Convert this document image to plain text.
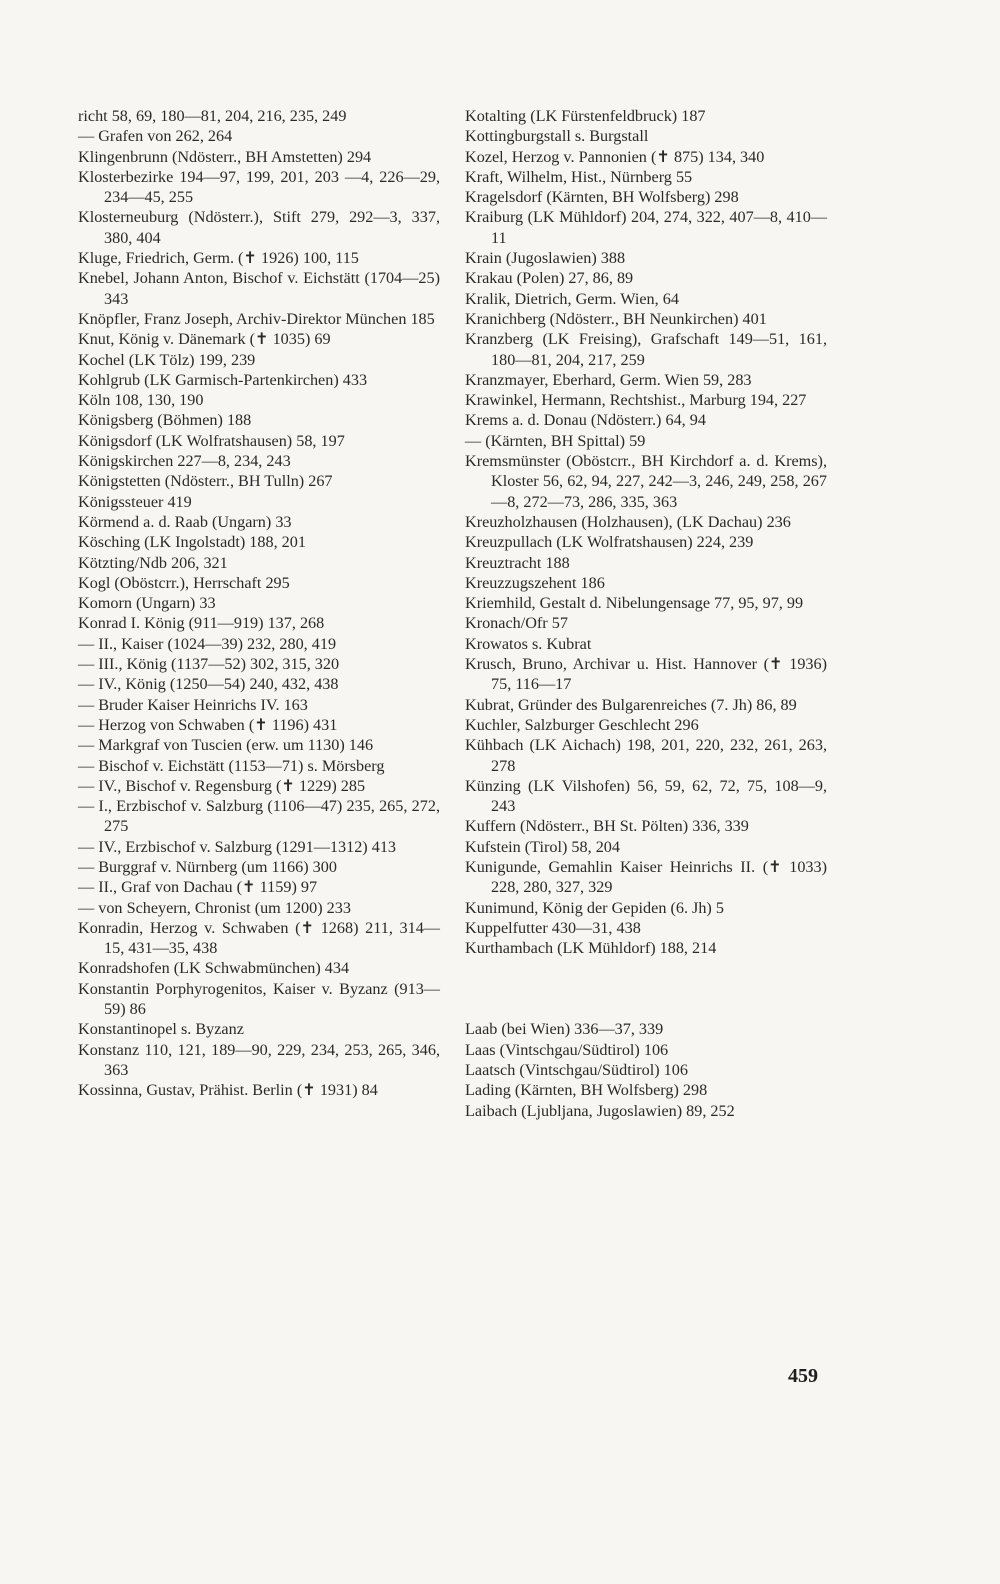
richt 58, 69, 180—81, 204, 216, 235, 249

— Grafen von 262, 264

Klingenbrunn (Ndösterr., BH Amstetten) 294

Klosterbezirke 194—97, 199, 201, 203 —4, 226—29, 234—45, 255

Klosterneuburg (Ndösterr.), Stift 279, 292—3, 337, 380, 404

Kluge, Friedrich, Germ. (✝ 1926) 100, 115

Knebel, Johann Anton, Bischof v. Eichstätt (1704—25) 343

Knöpfler, Franz Joseph, Archiv-Direktor München 185

Knut, König v. Dänemark (✝ 1035) 69

Kochel (LK Tölz) 199, 239

Kohlgrub (LK Garmisch-Partenkirchen) 433

Köln 108, 130, 190

Königsberg (Böhmen) 188

Königsdorf (LK Wolfratshausen) 58, 197

Königskirchen 227—8, 234, 243

Königstetten (Ndösterr., BH Tulln) 267

Königssteuer 419

Körmend a. d. Raab (Ungarn) 33

Kösching (LK Ingolstadt) 188, 201

Kötzting/Ndb 206, 321

Kogl (Oböstcrr.), Herrschaft 295

Komorn (Ungarn) 33

Konrad I. König (911—919) 137, 268

— II., Kaiser (1024—39) 232, 280, 419

— III., König (1137—52) 302, 315, 320

— IV., König (1250—54) 240, 432, 438

— Bruder Kaiser Heinrichs IV. 163

— Herzog von Schwaben (✝ 1196) 431

— Markgraf von Tuscien (erw. um 1130) 146

— Bischof v. Eichstätt (1153—71) s. Mörsberg

— IV., Bischof v. Regensburg (✝ 1229) 285

— I., Erzbischof v. Salzburg (1106—47) 235, 265, 272, 275

— IV., Erzbischof v. Salzburg (1291—1312) 413

— Burggraf v. Nürnberg (um 1166) 300

— II., Graf von Dachau (✝ 1159) 97

— von Scheyern, Chronist (um 1200) 233

Konradin, Herzog v. Schwaben (✝ 1268) 211, 314—15, 431—35, 438

Konradshofen (LK Schwabmünchen) 434

Konstantin Porphyrogenitos, Kaiser v. Byzanz (913—59) 86

Konstantinopel s. Byzanz

Konstanz 110, 121, 189—90, 229, 234, 253, 265, 346, 363

Kossinna, Gustav, Prähist. Berlin (✝ 1931) 84

Kotalting (LK Fürstenfeldbruck) 187

Kottingburgstall s. Burgstall

Kozel, Herzog v. Pannonien (✝ 875) 134, 340

Kraft, Wilhelm, Hist., Nürnberg 55

Kragelsdorf (Kärnten, BH Wolfsberg) 298

Kraiburg (LK Mühldorf) 204, 274, 322, 407—8, 410—11

Krain (Jugoslawien) 388

Krakau (Polen) 27, 86, 89

Kralik, Dietrich, Germ. Wien, 64

Kranichberg (Ndösterr., BH Neunkirchen) 401

Kranzberg (LK Freising), Grafschaft 149—51, 161, 180—81, 204, 217, 259

Kranzmayer, Eberhard, Germ. Wien 59, 283

Krawinkel, Hermann, Rechtshist., Marburg 194, 227

Krems a. d. Donau (Ndösterr.) 64, 94

— (Kärnten, BH Spittal) 59

Kremsmünster (Oböstcrr., BH Kirchdorf a. d. Krems), Kloster 56, 62, 94, 227, 242—3, 246, 249, 258, 267—8, 272—73, 286, 335, 363

Kreuzholzhausen (Holzhausen), (LK Dachau) 236

Kreuzpullach (LK Wolfratshausen) 224, 239

Kreuztracht 188

Kreuzzugszehent 186

Kriemhild, Gestalt d. Nibelungensage 77, 95, 97, 99

Kronach/Ofr 57

Krowatos s. Kubrat

Krusch, Bruno, Archivar u. Hist. Hannover (✝ 1936) 75, 116—17

Kubrat, Gründer des Bulgarenreiches (7. Jh) 86, 89

Kuchler, Salzburger Geschlecht 296

Kühbach (LK Aichach) 198, 201, 220, 232, 261, 263, 278

Künzing (LK Vilshofen) 56, 59, 62, 72, 75, 108—9, 243

Kuffern (Ndösterr., BH St. Pölten) 336, 339

Kufstein (Tirol) 58, 204

Kunigunde, Gemahlin Kaiser Heinrichs II. (✝ 1033) 228, 280, 327, 329

Kunimund, König der Gepiden (6. Jh) 5

Kuppelfutter 430—31, 438

Kurthambach (LK Mühldorf) 188, 214

Laab (bei Wien) 336—37, 339

Laas (Vintschgau/Südtirol) 106

Laatsch (Vintschgau/Südtirol) 106

Lading (Kärnten, BH Wolfsberg) 298

Laibach (Ljubljana, Jugoslawien) 89, 252

459
